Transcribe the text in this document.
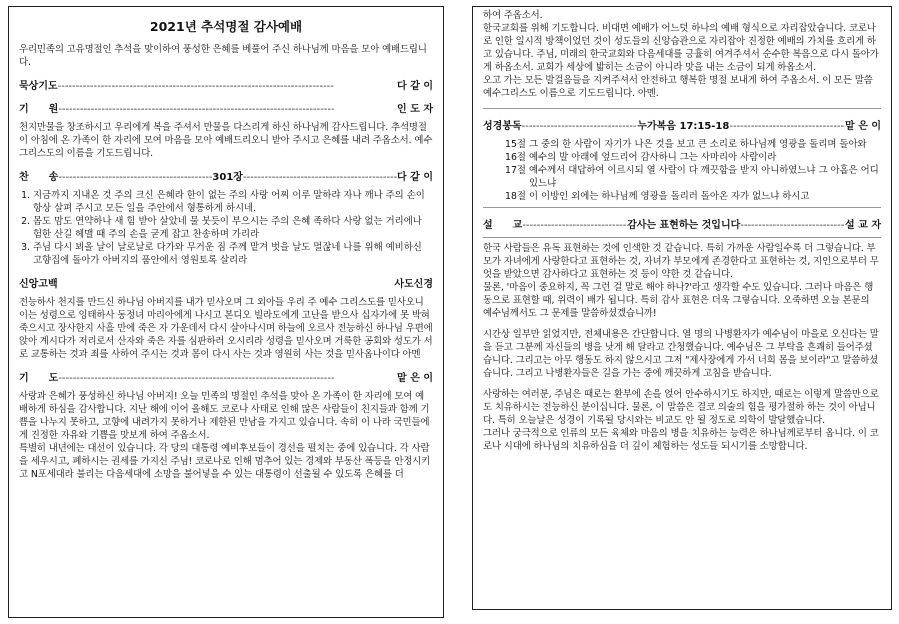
2021년 추석명절 감사예배

우리민족의 고유명절인 추석을 맞이하여 풍성한 은혜를 베풀어 주신 하나님께 마음을 모아 예배드립니다.

묵상기도 - - -	다 같 이
기　　원 - - -	인 도 자

천지만물을 창조하시고 우리에게 복을 주셔서 만물을 다스리게 하신 하나님께 감사드립니다. 추석명절 이 아침에 온 가족이 한 자리에 모여 마음을 모아 예배드리오니 받아 주시고 은혜를 내려 주옵소서. 예수 그리스도의 이름을 기도드립니다.

찬　　송 - - -	301장 - - -	다 같 이
1. 지금까지 지내온 것 주의 크신 은혜라 한이 없는 주의 사랑 어찌 이루 말하랴 자나 깨나 주의 손이 항상 살펴 주시고 모든 일을 주안에서 형통하게 하시네.
2. 몸도 맘도 연약하나 새 힘 받아 살았네 물 붓듯이 부으시는 주의 은혜 족하다 사랑 없는 거리에나 험한 산길 헤맬 때 주의 손을 굳게 잡고 찬송하며 가리라
3. 주님 다시 뵈올 날이 날로날로 다가와 무거운 짐 주께 맡겨 벗을 날도 멀잖네 나를 위해 예비하신 고향집에 돌아가 아버지의 품안에서 영원토록 살리라
신앙고백	사도신경

전능하사 천지를 만드신 하나님 아버지를 내가 믿사오며 그 외아들 우리 주 예수 그리스도를 믿사오니 이는 성령으로 잉태하사 동정녀 마리아에게 나시고 본디오 빌라도에게 고난을 받으사 십자가에 못 박혀 죽으시고 장사한지 사흘 만에 죽은 자 가운데서 다시 살아나시며 하늘에 오르사 전능하신 하나님 우편에 앉아 계시다가 저리로서 산자와 죽은 자를 심판하러 오시리라 성령을 믿사오며 거룩한 공회와 성도가 서로 교통하는 것과 죄를 사하여 주시는 것과 몸이 다시 사는 것과 영원히 사는 것을 믿사옵나이다 아멘

기　　도 - - -	맡 은 이

사랑과 은혜가 풍성하신 하나님 아버지! 오늘 민족의 명절인 추석을 맞아 온 가족이 한 자리에 모여 예배하게 하심을 감사합니다. 지난 해에 이어 올해도 코로나 사태로 인해 많은 사람들이 친지들과 함께 기쁨을 나누지 못하고, 고향에 내려가지 못하거나 제한된 만남을 가지고 있습니다. 속히 이 나라 국민들에게 진정한 자유와 기쁨을 맛보게 하여 주옵소서.

특별히 내년에는 대선이 있습니다. 각 당의 대통령 예비후보들이 경선을 펼치는 중에 있습니다. 각 사람을 세우시고, 폐하시는 권세를 가지신 주님! 코로나로 인해 멈추어 있는 경제와 부동산 폭등을 안정시키고 N포세대라 불리는 다음세대에 소망을 불어넣을 수 있는 대통령이 선출될 수 있도록 은혜를 더

하여 주옵소서.

한국교회를 위해 기도합니다. 비대면 예배가 어느덧 하나의 예배 형식으로 자리잡았습니다. 코로나로 인한 일시적 방책이었던 것이 성도들의 신앙습관으로 자리잡아 진정한 예배의 가치를 흐리게 하고 있습니다. 주님, 미래의 한국교회와 다음세대를 긍휼히 여겨주셔서 순수한 복음으로 다시 돌아가게 하옵소서. 교회가 세상에 밟히는 소금이 아니라 맛을 내는 소금이 되게 하옵소서.

오고 가는 모든 발걸음들을 지켜주셔서 안전하고 행복한 명절 보내게 하여 주옵소서. 이 모든 말씀 예수그리스도 이름으로 기도드립니다. 아멘.

성경봉독 - - -	누가복음 17:15-18 - - -	맡 은 이
15절 그 중의 한 사람이 자기가 나은 것을 보고 큰 소리로 하나님께 영광을 돌리며 돌아와
16절 예수의 발 아래에 엎드리어 감사하니 그는 사마리아 사람이라
17절 예수께서 대답하여 이르시되 열 사람이 다 깨끗함을 받지 아니하였느냐 그 아홉은 어디 있느냐
18절 이 이방인 외에는 하나님께 영광을 돌리러 돌아온 자가 없느냐 하시고
설　　교 - - -	감사는 표현하는 것입니다 - - -	설 교 자

한국 사람들은 유독 표현하는 것에 인색한 것 같습니다. 특히 가까운 사람일수록 더 그렇습니다. 부모가 자녀에게 사랑한다고 표현하는 것, 자녀가 부모에게 존경한다고 표현하는 것, 지인으로부터 무엇을 받았으면 감사하다고 표현하는 것 등이 약한 것 같습니다.

물론, '마음이 중요하지, 꼭 그런 걸 말로 해야 하나?'라고 생각할 수도 있습니다. 그러나 마음은 행동으로 표현할 때, 위력이 배가 됩니다. 특히 감사 표현은 더욱 그렇습니다. 오죽하면 오늘 본문의 예수님께서도 그 문제를 말씀하셨겠습니까!

시간상 일부만 읽었지만, 전체내용은 간단합니다. 열 명의 나병환자가 예수님이 마을로 오신다는 말을 듣고 그분께 자신들의 병을 낫게 해 달라고 간청했습니다. 예수님은 그 부탁을 흔쾌히 들어주셨습니다. 그리고는 아무 행동도 하지 않으시고 그저 "제사장에게 가서 너희 몸을 보이라"고 말씀하셨습니다. 그리고 나병환자들은 길을 가는 중에 깨끗하게 고침을 받습니다.

사랑하는 여러분, 주님은 때로는 환부에 손을 얹어 안수하시기도 하지만, 때로는 이렇게 말씀만으로도 치유하시는 전능하신 분이십니다. 물론, 이 말씀은 결코 의술의 힘을 평가절하 하는 것이 아닙니다. 특히 오늘날은 성경이 기록될 당시와는 비교도 안 될 정도로 의학이 발달했습니다.

그러나 궁극적으로 인류의 모든 육체와 마음의 병을 치유하는 능력은 하나님께로부터 옵니다. 이 코로나 시대에 하나님의 치유하심을 더 깊이 체험하는 성도들 되시기를 소망합니다.
